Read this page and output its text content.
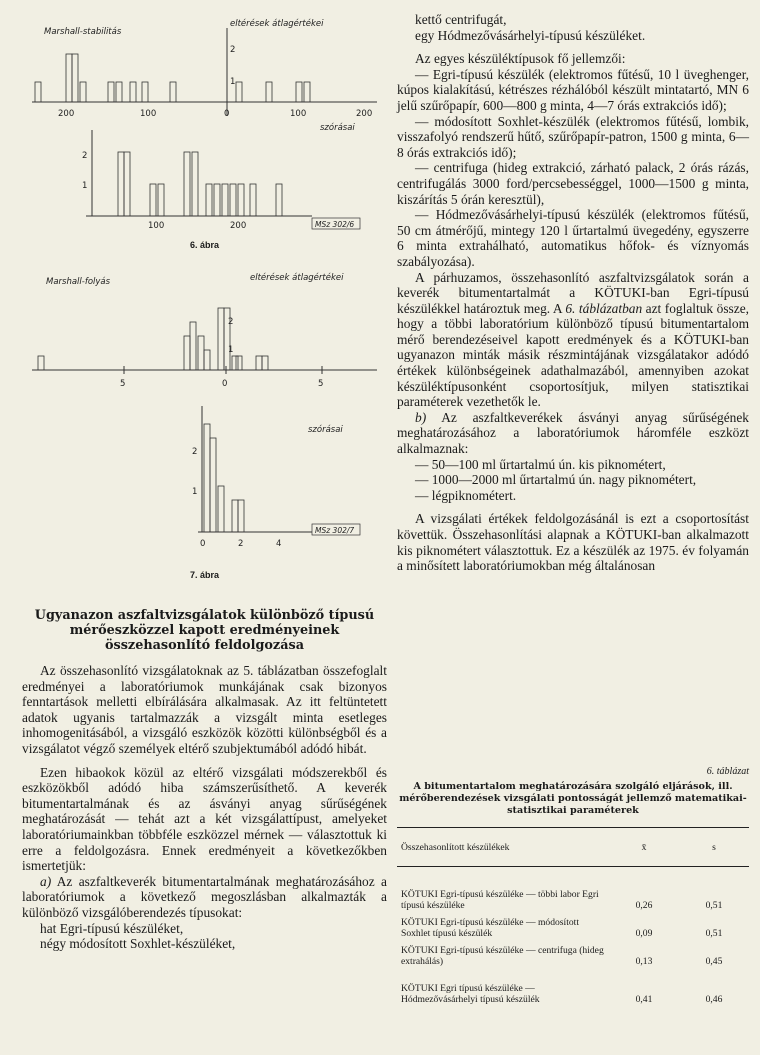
Marshall-stabilitás
eltérések átlagértékei
2
1
200	100	0	100	200
szórásai
2
1
100	200	MSz 302/6
6. ábra
Marshall-folyás	eltérések átlagértékei
2
1
5	0	5
szórásai
2
1
0	2	4
MSz 302/7
7. ábra
Ugyanazon aszfaltvizsgálatok különböző típusú mérőeszközzel kapott eredményeinek összehasonlító feldolgozása

Az összehasonlító vizsgálatoknak az 5. táblázatban összefoglalt eredményei a laboratóriumok munkájának csak bizonyos fenntartások melletti elbírálására alkalmasak. Az itt feltüntetett adatok ugyanis tartalmazzák a vizsgált minta esetleges inhomogenitásából, a vizsgáló eszközök közötti különbségből és a vizsgálatot végző személyek eltérő szubjektumából adódó hibát.

Ezen hibaokok közül az eltérő vizsgálati módszerekből és eszközökből adódó hiba számszerűsíthető. A keverék bitumentartalmának és az ásványi anyag sűrűségének meghatározását — tehát azt a két vizsgálattípust, amelyeket laboratóriumainkban többféle eszközzel mérnek — választottuk ki erre a feldolgozásra. Ennek eredményeit a következőkben ismertetjük:

a) Az aszfaltkeverék bitumentartalmának meghatározásához a laboratóriumok a következő megoszlásban alkalmazták a különböző vizsgálóberendezés típusokat:

hat Egri-típusú készüléket,

négy módosított Soxhlet-készüléket,

kettő centrifugát,

egy Hódmezővásárhelyi-típusú készüléket.

Az egyes készüléktípusok fő jellemzői:

— Egri-típusú készülék (elektromos fűtésű, 10 l üveghenger, kúpos kialakítású, kétrészes rézhálóból készült mintatartó, MN 6 jelű szűrőpapír, 600—800 g minta, 4—7 órás extrakciós idő);

— módosított Soxhlet-készülék (elektromos fűtésű, lombik, visszafolyó rendszerű hűtő, szűrőpapír-patron, 1500 g minta, 6—8 órás extrakciós idő);

— centrifuga (hideg extrakció, zárható palack, 2 órás rázás, centrifugálás 3000 ford/percsebességgel, 1000—1500 g minta, kiszárítás 5 órán keresztül),

— Hódmezővásárhelyi-típusú készülék (elektromos fűtésű, 50 cm átmérőjű, mintegy 120 l űrtartalmú üvegedény, egyszerre 6 minta extrahálható, automatikus hőfok- és víznyomás szabályozása).

A párhuzamos, összehasonlító aszfaltvizsgálatok során a keverék bitumentartalmát a KÖTUKI-ban Egri-típusú készülékkel határoztuk meg. A 6. táblázatban azt foglaltuk össze, hogy a többi laboratórium különböző típusú bitumentartalom mérő berendezéseivel kapott eredmények és a KÖTUKI-ban ugyanazon minták másik részmintájának vizsgálatakor adódó értékek különbségeinek adathalmazából, amennyiben azokat készüléktípusonként csoportosítjuk, milyen statisztikai paraméterek vezethetők le.

b) Az aszfaltkeverékek ásványi anyag sűrűségének meghatározásához a laboratóriumok háromféle eszközt alkalmaznak:

— 50—100 ml űrtartalmú ún. kis piknométert,

— 1000—2000 ml űrtartalmú ún. nagy piknométert,

— légpiknométert.

A vizsgálati értékek feldolgozásánál is ezt a csoportosítást követtük. Összehasonlítási alapnak a KÖTUKI-ban alkalmazott kis piknométert választottuk. Ez a készülék az 1975. év folyamán a minősített laboratóriumokban még általánosan

6. táblázat
A bitumentartalom meghatározására szolgáló eljárások, ill. mérőberendezések vizsgálati pontosságát jellemző matematikai-statisztikai paraméterek
Összehasonlított készülékek	x̄	s
KÖTUKI Egri-típusú készüléke — többi labor Egri típusú készüléke	0,26	0,51
KÖTUKI Egri-típusú készüléke — módosított Soxhlet típusú készülék	0,09	0,51
KÖTUKI Egri-típusú készüléke — centrifuga (hideg extrahálás)	0,13	0,45
KÖTUKI Egri típusú készüléke — Hódmezővásárhelyi típusú készülék	0,41	0,46
